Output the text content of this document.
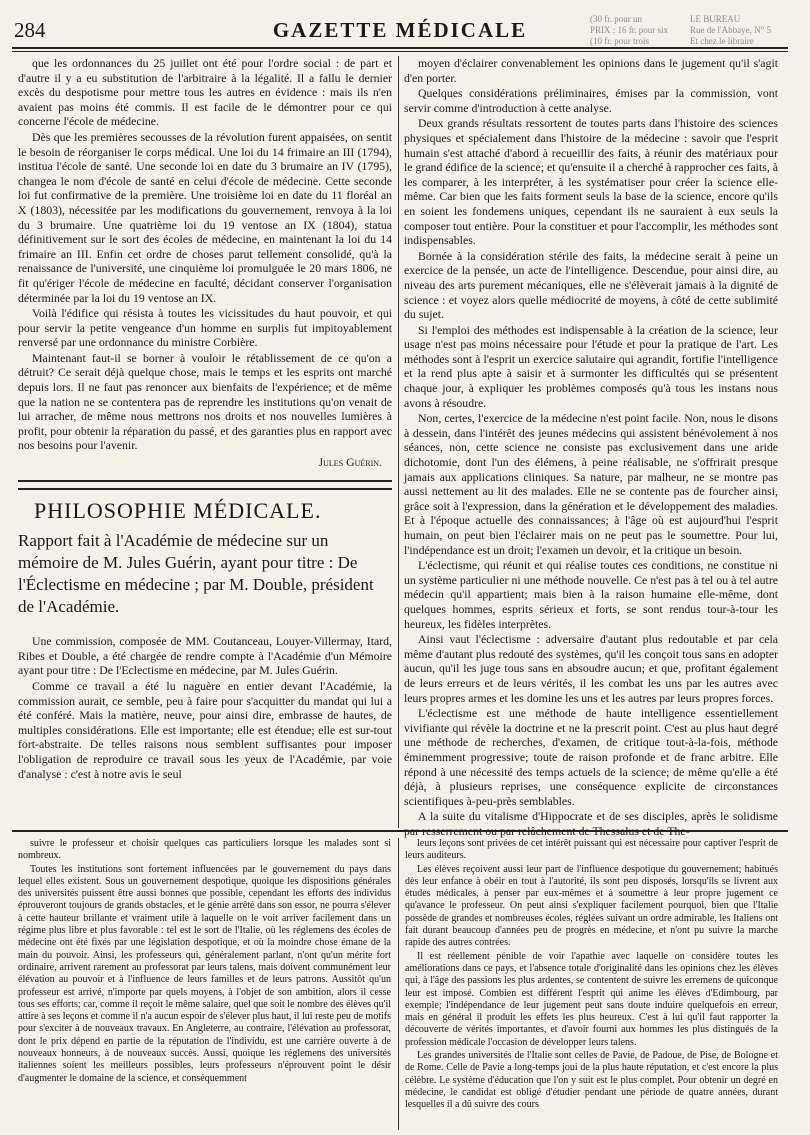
284	GAZETTE MÉDICALE	(30 fr. pour un
PRIX : 16 fr. pour six
(10 fr. pour trois
LE BUREAU
Rue de l'Abbaye, N° 5
Et chez le libraire

que les ordonnances du 25 juillet ont été pour l'ordre social : de part et d'autre il y a eu substitution de l'arbitraire à la légalité. Il a fallu le dernier excès du despotisme pour mettre tous les autres en évidence : mais ils n'en avaient pas moins été commis. Il est facile de le démontrer pour ce qui concerne l'école de médecine.

Dès que les premières secousses de la révolution furent appaisées, on sentit le besoin de réorganiser le corps médical. Une loi du 14 frimaire an III (1794), institua l'école de santé. Une seconde loi en date du 3 brumaire an IV (1795), changea le nom d'école de santé en celui d'école de médecine. Cette seconde loi fut confirmative de la première. Une troisième loi en date du 11 floréal an X (1803), nécessitée par les modifications du gouvernement, renvoya à la loi du 3 brumaire. Une quatrième loi du 19 ventose an IX (1804), statua définitivement sur le sort des écoles de médecine, en maintenant la loi du 14 frimaire an III. Enfin cet ordre de choses parut tellement consolidé, qu'à la renaissance de l'université, une cinquième loi promulguée le 20 mars 1806, ne fit qu'ériger l'école de médecine en faculté, décidant conserver l'organisation déterminée par la loi du 19 ventose an IX.

Voilà l'édifice qui résista à toutes les vicissitudes du haut pouvoir, et qui pour servir la petite vengeance d'un homme en surplis fut impitoyablement renversé par une ordonnance du ministre Corbière.

Maintenant faut-il se borner à vouloir le rétablissement de ce qu'on a détruit? Ce serait déjà quelque chose, mais le temps et les esprits ont marché depuis lors. Il ne faut pas renoncer aux bienfaits de l'expérience; et de même que la nation ne se contentera pas de reprendre les institutions qu'on venait de lui arracher, de même nous mettrons nos droits et nos nouvelles lumières à profit, pour obtenir la réparation du passé, et des garanties plus en rapport avec nos besoins pour l'avenir.

Jules Guérin.
PHILOSOPHIE MÉDICALE.
Rapport fait à l'Académie de médecine sur un mémoire de M. Jules Guérin, ayant pour titre : De l'Éclectisme en médecine ; par M. Double, président de l'Académie.

Une commission, composée de MM. Coutanceau, Louyer-Villermay, Itard, Ribes et Double, a été chargée de rendre compte à l'Académie d'un Mémoire ayant pour titre : De l'Eclectisme en médecine, par M. Jules Guérin.

Comme ce travail a été lu naguère en entier devant l'Académie, la commission aurait, ce semble, peu à faire pour s'acquitter du mandat qui lui a été conféré. Mais la matière, neuve, pour ainsi dire, embrasse de hautes, de multiples considérations. Elle est importante; elle est étendue; elle est sur-tout fort-abstraite. De telles raisons nous semblent suffisantes pour imposer l'obligation de reproduire ce travail sous les yeux de l'Académie, par voie d'analyse : c'est à notre avis le seul

moyen d'éclairer convenablement les opinions dans le jugement qu'il s'agit d'en porter.

Quelques considérations préliminaires, émises par la commission, vont servir comme d'introduction à cette analyse.

Deux grands résultats ressortent de toutes parts dans l'histoire des sciences physiques et spécialement dans l'histoire de la médecine : savoir que l'esprit humain s'est attaché d'abord à recueillir des faits, à réunir des matériaux pour le grand édifice de la science; et qu'ensuite il a cherché à rapprocher ces faits, à les comparer, à les interpréter, à les systématiser pour créer la science elle-même. Car bien que les faits forment seuls la base de la science, encore qu'ils en soient les fondemens uniques, cependant ils ne sauraient à eux seuls la composer tout entière. Pour la constituer et pour l'accomplir, les méthodes sont indispensables.

Bornée à la considération stérile des faits, la médecine serait à peine un exercice de la pensée, un acte de l'intelligence. Descendue, pour ainsi dire, au niveau des arts purement mécaniques, elle ne s'élèverait jamais à la dignité de science : et voyez alors quelle médiocrité de moyens, à côté de cette sublimité du sujet.

Si l'emploi des méthodes est indispensable à la création de la science, leur usage n'est pas moins nécessaire pour l'étude et pour la pratique de l'art. Les méthodes sont à l'esprit un exercice salutaire qui agrandit, fortifie l'intelligence et la rend plus apte à saisir et à surmonter les difficultés qui se présentent chaque jour, à expliquer les problèmes composés qu'à tous les instans nous avons à résoudre.

Non, certes, l'exercice de la médecine n'est point facile. Non, nous le disons à dessein, dans l'intérêt des jeunes médecins qui assistent bénévolement à nos séances, non, cette science ne consiste pas exclusivement dans une aride dichotomie, dont l'un des élémens, à peine réalisable, ne s'offrirait presque jamais aux applications cliniques. Sa nature, par malheur, ne se montre pas aussi nettement au lit des malades. Elle ne se contente pas de fourcher ainsi, grâce soit à l'expression, dans la génération et le développement des maladies. Et à l'époque actuelle des connaissances; à l'âge où est aujourd'hui l'esprit humain, on peut bien l'éclairer mais on ne peut pas le soumettre. Pour lui, l'indépendance est un droit; l'examen un devoir, et la critique un besoin.

L'éclectisme, qui réunit et qui réalise toutes ces conditions, ne constitue ni un système particulier ni une méthode nouvelle. Ce n'est pas à tel ou à tel autre médecin qu'il appartient; mais bien à la raison humaine elle-même, dont quelques hommes, esprits sérieux et forts, se sont rendus tour-à-tour les heureux, les fidèles interprètes.

Ainsi vaut l'éclectisme : adversaire d'autant plus redoutable et par cela même d'autant plus redouté des systèmes, qu'il les conçoit tous sans en adopter aucun, qu'il les juge tous sans en absoudre aucun; et que, profitant également de leurs erreurs et de leurs vérités, il les combat les uns par les autres avec leurs propres armes et les domine les uns et les autres par leurs propres forces.

L'éclectisme est une méthode de haute intelligence essentiellement vivifiante qui révèle la doctrine et ne la prescrit point. C'est au plus haut degré une méthode de recherches, d'examen, de critique tout-à-la-fois, méthode éminemment progressive; toute de raison profonde et de franc arbitre. Elle répond à une nécessité des temps actuels de la science; de même qu'elle a été déjà, à plusieurs reprises, une conséquence explicite de circonstances scientifiques à-peu-près semblables.

A la suite du vitalisme d'Hippocrate et de ses disciples, après le solidisme

suivre le professeur et choisir quelques cas particuliers lorsque les malades sont si nombreux.

Toutes les institutions sont fortement influencées par le gouvernement du pays dans lequel elles existent. Sous un gouvernement despotique, quoique les dispositions générales des universités puissent être aussi bonnes que possible, cependant les efforts des individus éprouveront toujours de grands obstacles, et le génie arrêté dans son essor, ne pourra s'élever à cette hauteur brillante et vraiment utile à laquelle on le voit arriver facilement dans un régime plus libre et plus favorable : tel est le sort de l'Italie, où les réglemens des écoles de médecine ont été fixés par une législation despotique, et où la moindre chose émane de la main du pouvoir. Ainsi, les professeurs qui, généralement parlant, n'ont qu'un mérite fort ordinaire, arrivent rarement au professorat par leurs talens, mais doivent communément leur élévation au pouvoir et à l'influence de leurs familles et de leurs patrons. Aussitôt qu'un professeur est arrivé, n'importe par quels moyens, à l'objet de son ambition, alors il cesse tous ses efforts; car, comme il reçoit le même salaire, quel que soit le nombre des élèves qu'il attire à ses leçons et comme il n'a aucun espoir de s'élever plus haut, il lui reste peu de motifs pour s'exciter à de nouveaux travaux. En Angleterre, au contraire, l'élévation au professorat, dont le prix dépend en partie de la réputation de l'individu, est une carrière ouverte à de nouveaux honneurs, à de nouveaux succès. Aussi, quoique les réglemens des universités italiennes soient les meilleurs possibles, leurs professeurs n'éprouvent point le désir d'augmenter le domaine de la science, et conséquemment

leurs leçons sont privées de cet intérêt puissant qui est nécessaire pour captiver l'esprit de leurs auditeurs.

Les élèves reçoivent aussi leur part de l'influence despotique du gouvernement; habitués dès leur enfance à obéir en tout à l'autorité, ils sont peu disposés, lorsqu'ils se livrent aux études médicales, à penser par eux-mêmes et à soumettre à leur propre jugement ce qu'avance le professeur. On peut ainsi s'expliquer facilement pourquoi, bien que l'Italie possède de grandes et nombreuses écoles, réglées suivant un ordre admirable, les Italiens ont fait durant beaucoup d'années peu de progrès en médecine, et n'ont pu suivre la marche rapide des autres contrées.

Il est réellement pénible de voir l'apathie avec laquelle on considère toutes les améliorations dans ce pays, et l'absence totale d'originalité dans les opinions chez les élèves qui, à l'âge des passions les plus ardentes, se contentent de suivre les erremens de quiconque leur est imposé. Combien est différent l'esprit qui anime les élèves d'Edimbourg, par exemple; l'indépendance de leur jugement peut sans doute induire quelquefois en erreur, mais en général il produit les effets les plus heureux. C'est à lui qu'il faut rapporter la découverte de vérités importantes, et d'avoir fourni aux hommes les plus distingués de la profession médicale l'occasion de développer leurs talens.

Les grandes universités de l'Italie sont celles de Pavie, de Padoue, de Pise, de Bologne et de Rome. Celle de Pavie a long-temps joui de la plus haute réputation, et c'est encore la plus célèbre. Le système d'éducation que l'on y suit est le plus complet. Pour obtenir un degré en médecine, le candidat est obligé d'étudier pendant une période de quatre années, durant lesquelles il a dû suivre des cours
